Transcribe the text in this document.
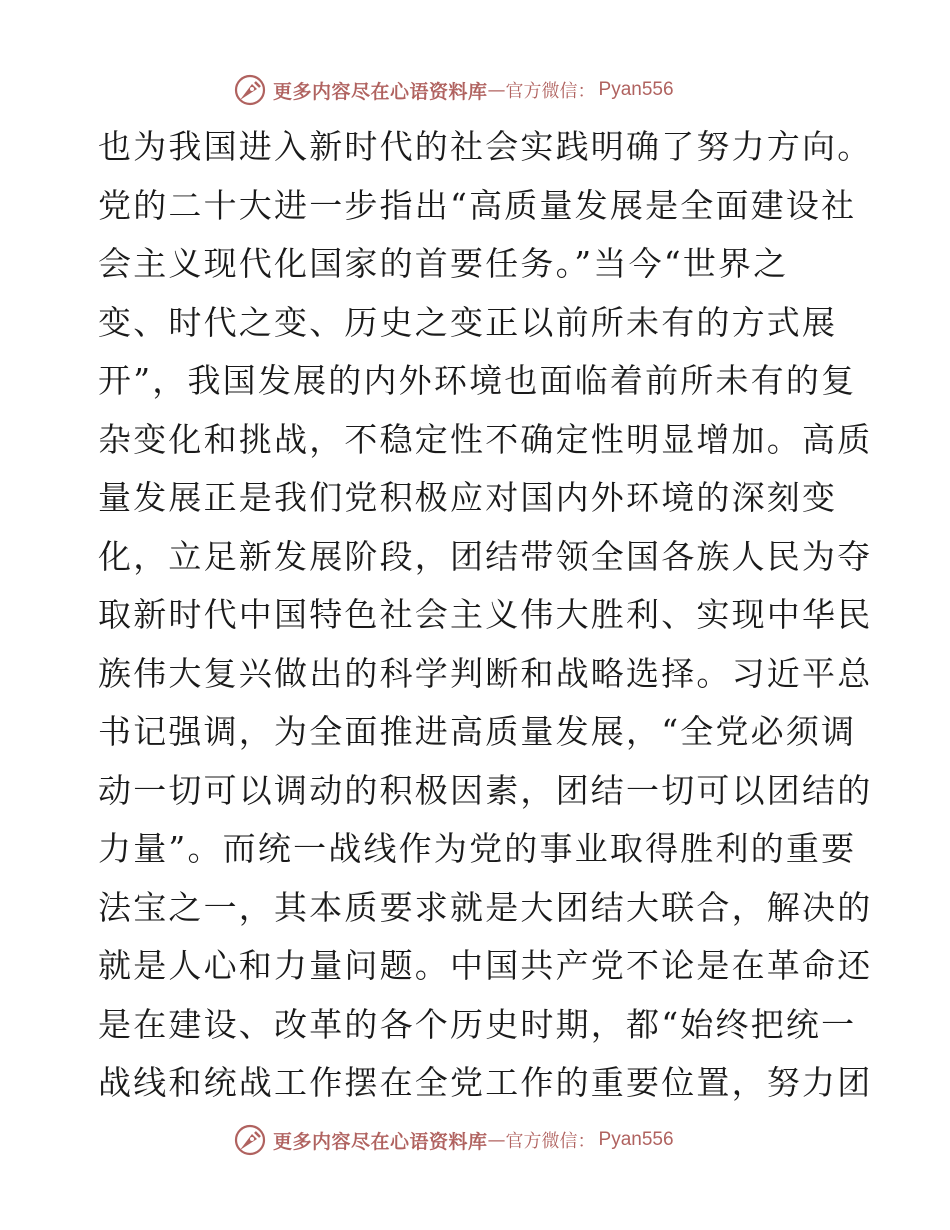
更多内容尽在心语资料库 — 官方微信： Pyan556
也为我国进入新时代的社会实践明确了努力方向。
党的二十大进一步指出“高质量发展是全面建设社
会主义现代化国家的首要任务。”当今“世界之
变、时代之变、历史之变正以前所未有的方式展
开”，我国发展的内外环境也面临着前所未有的复
杂变化和挑战，不稳定性不确定性明显增加。高质
量发展正是我们党积极应对国内外环境的深刻变
化，立足新发展阶段，团结带领全国各族人民为夺
取新时代中国特色社会主义伟大胜利、实现中华民
族伟大复兴做出的科学判断和战略选择。习近平总
书记强调，为全面推进高质量发展，“全党必须调
动一切可以调动的积极因素，团结一切可以团结的
力量”。而统一战线作为党的事业取得胜利的重要
法宝之一，其本质要求就是大团结大联合，解决的
就是人心和力量问题。中国共产党不论是在革命还
是在建设、改革的各个历史时期，都“始终把统一
战线和统战工作摆在全党工作的重要位置，努力团
更多内容尽在心语资料库 — 官方微信： Pyan556
